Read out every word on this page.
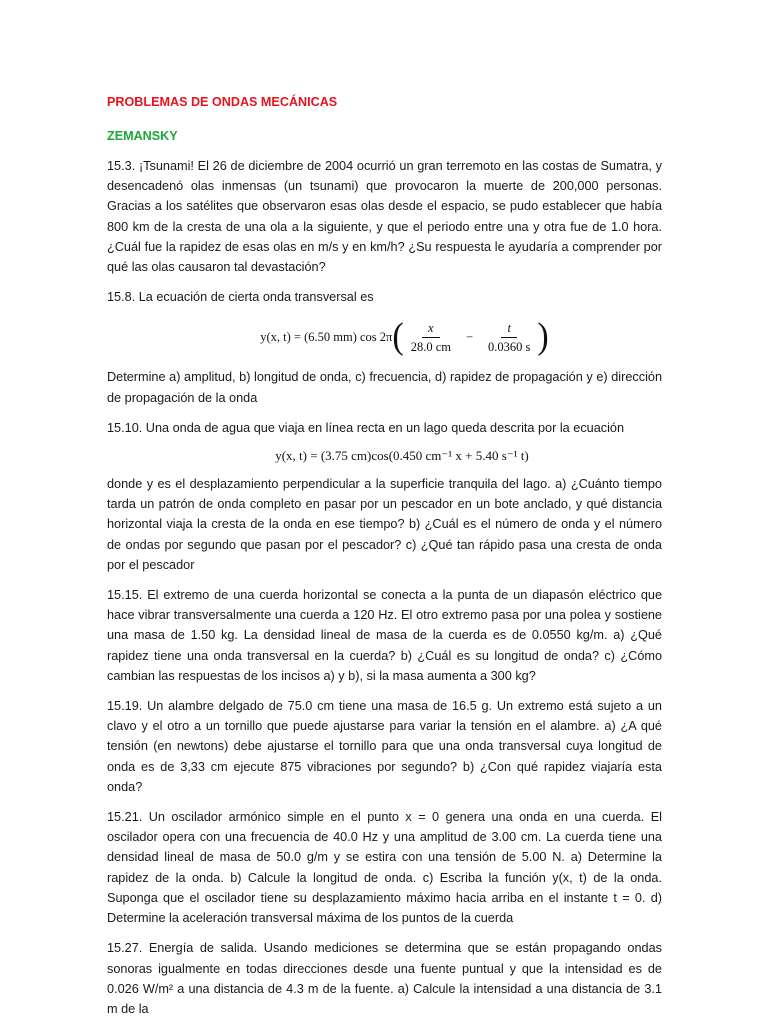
PROBLEMAS DE ONDAS MECÁNICAS
ZEMANSKY

15.3. ¡Tsunami! El 26 de diciembre de 2004 ocurrió un gran terremoto en las costas de Sumatra, y desencadenó olas inmensas (un tsunami) que provocaron la muerte de 200,000 personas. Gracias a los satélites que observaron esas olas desde el espacio, se pudo establecer que había 800 km de la cresta de una ola a la siguiente, y que el periodo entre una y otra fue de 1.0 hora. ¿Cuál fue la rapidez de esas olas en m/s y en km/h? ¿Su respuesta le ayudaría a comprender por qué las olas causaron tal devastación?

15.8. La ecuación de cierta onda transversal es

y(x, t) = (6.50 mm) cos 2π ( $\frac{x}{28.0 cm} - \frac{t}{0.0360 s}$ )

Determine a) amplitud, b) longitud de onda, c) frecuencia, d) rapidez de propagación y e) dirección de propagación de la onda

15.10. Una onda de agua que viaja en línea recta en un lago queda descrita por la ecuación

y(x, t) = (3.75 cm)cos(0.450 cm⁻¹ x + 5.40 s⁻¹ t)

donde y es el desplazamiento perpendicular a la superficie tranquila del lago. a) ¿Cuánto tiempo tarda un patrón de onda completo en pasar por un pescador en un bote anclado, y qué distancia horizontal viaja la cresta de la onda en ese tiempo? b) ¿Cuál es el número de onda y el número de ondas por segundo que pasan por el pescador? c) ¿Qué tan rápido pasa una cresta de onda por el pescador

15.15. El extremo de una cuerda horizontal se conecta a la punta de un diapasón eléctrico que hace vibrar transversalmente una cuerda a 120 Hz. El otro extremo pasa por una polea y sostiene una masa de 1.50 kg. La densidad lineal de masa de la cuerda es de 0.0550 kg/m. a) ¿Qué rapidez tiene una onda transversal en la cuerda? b) ¿Cuál es su longitud de onda? c) ¿Cómo cambian las respuestas de los incisos a) y b), si la masa aumenta a 300 kg?

15.19. Un alambre delgado de 75.0 cm tiene una masa de 16.5 g. Un extremo está sujeto a un clavo y el otro a un tornillo que puede ajustarse para variar la tensión en el alambre. a) ¿A qué tensión (en newtons) debe ajustarse el tornillo para que una onda transversal cuya longitud de onda es de 3,33 cm ejecute 875 vibraciones por segundo? b) ¿Con qué rapidez viajaría esta onda?

15.21. Un oscilador armónico simple en el punto x = 0 genera una onda en una cuerda. El oscilador opera con una frecuencia de 40.0 Hz y una amplitud de 3.00 cm. La cuerda tiene una densidad lineal de masa de 50.0 g/m y se estira con una tensión de 5.00 N. a) Determine la rapidez de la onda. b) Calcule la longitud de onda. c) Escriba la función y(x, t) de la onda. Suponga que el oscilador tiene su desplazamiento máximo hacia arriba en el instante t = 0. d) Determine la aceleración transversal máxima de los puntos de la cuerda

15.27. Energía de salida. Usando mediciones se determina que se están propagando ondas sonoras igualmente en todas direcciones desde una fuente puntual y que la intensidad es de 0.026 W/m² a una distancia de 4.3 m de la fuente. a) Calcule la intensidad a una distancia de 3.1 m de la
